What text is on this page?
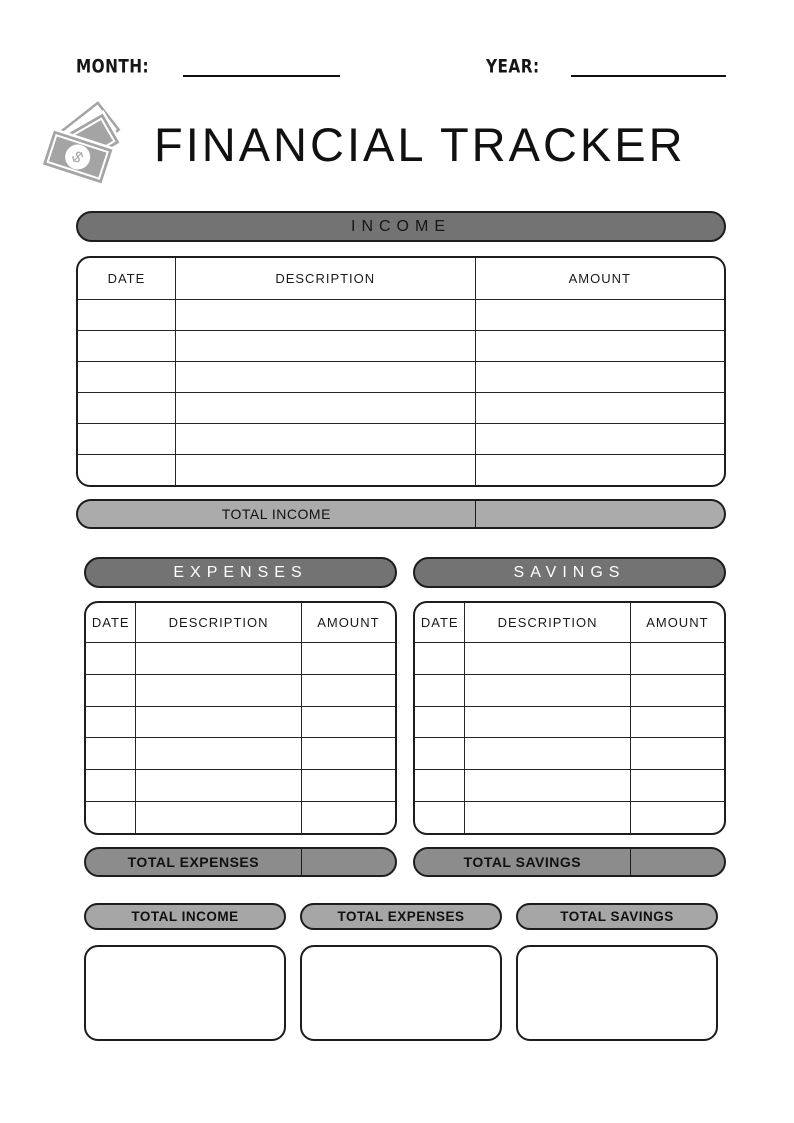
MONTH:	YEAR:
$ FINANCIAL TRACKER
INCOME
DATE	DESCRIPTION	AMOUNT
TOTAL INCOME
EXPENSES
DATE	DESCRIPTION	AMOUNT
TOTAL EXPENSES
SAVINGS
DATE	DESCRIPTION	AMOUNT
TOTAL SAVINGS
TOTAL INCOME	TOTAL EXPENSES	TOTAL SAVINGS
